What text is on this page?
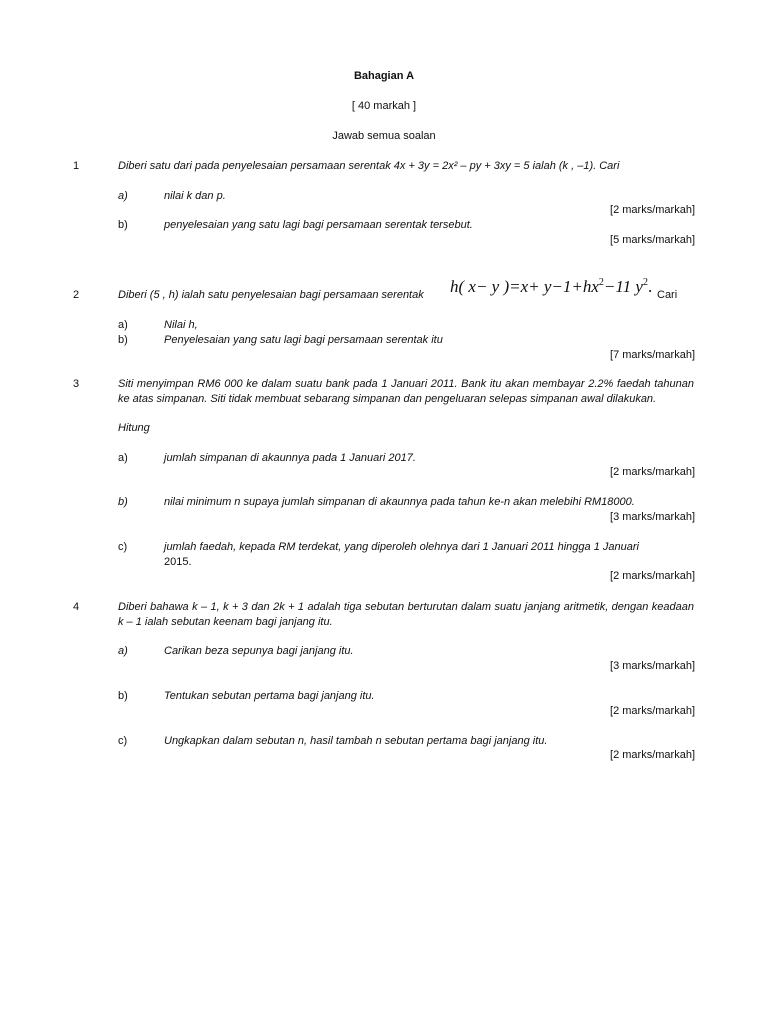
Bahagian A
[ 40 markah ]
Jawab semua soalan
1	Diberi satu dari pada penyelesaian persamaan serentak 4x + 3y = 2x² – py + 3xy = 5 ialah (k , –1). Cari
a)	nilai k dan p.
[2 marks/markah]
b)	penyelesaian yang satu lagi bagi persamaan serentak tersebut.
[5 marks/markah]
2	Diberi (5 , h) ialah satu penyelesaian bagi persamaan serentak h( x− y )$=x+ y-1+hx^2-11$ $y^2$. Cari
a)	Nilai h,
b)	Penyelesaian yang satu lagi bagi persamaan serentak itu
[7 marks/markah]
3	Siti menyimpan RM6 000 ke dalam suatu bank pada 1 Januari 2011. Bank itu akan membayar 2.2% faedah tahunan ke atas simpanan. Siti tidak membuat sebarang simpanan dan pengeluaran selepas simpanan awal dilakukan.
Hitung
a)	jumlah simpanan di akaunnya pada 1 Januari 2017.
[2 marks/markah]
b)	nilai minimum n supaya jumlah simpanan di akaunnya pada tahun ke-n akan melebihi RM18000.
[3 marks/markah]
c)	jumlah faedah, kepada RM terdekat, yang diperoleh olehnya dari 1 Januari 2011 hingga 1 Januari
2015.
[2 marks/markah]
4	Diberi bahawa k – 1, k + 3 dan 2k + 1 adalah tiga sebutan berturutan dalam suatu janjang aritmetik, dengan keadaan k – 1 ialah sebutan keenam bagi janjang itu.
a)	Carikan beza sepunya bagi janjang itu.
[3 marks/markah]
b)	Tentukan sebutan pertama bagi janjang itu.
[2 marks/markah]
c)	Ungkapkan dalam sebutan n, hasil tambah n sebutan pertama bagi janjang itu.
[2 marks/markah]
